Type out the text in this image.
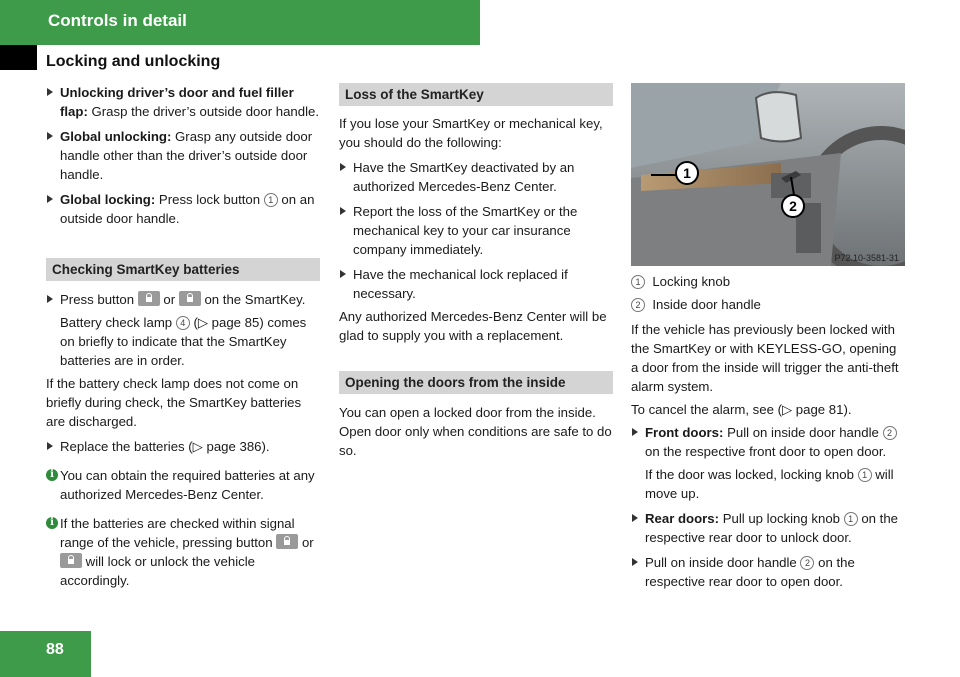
Controls in detail
Locking and unlocking
Unlocking driver’s door and fuel filler flap: Grasp the driver’s outside door handle.
Global unlocking: Grasp any outside door handle other than the driver’s outside door handle.
Global locking: Press lock button 1 on an outside door handle.
Checking SmartKey batteries
Press button or on the SmartKey.
Battery check lamp 4 (▷ page 85) comes on briefly to indicate that the SmartKey batteries are in order.
If the battery check lamp does not come on briefly during check, the SmartKey batteries are discharged.
Replace the batteries (▷ page 386).
i You can obtain the required batteries at any authorized Mercedes-Benz Center.
i If the batteries are checked within signal range of the vehicle, pressing button or  will lock or unlock the vehicle accordingly.
Loss of the SmartKey
If you lose your SmartKey or mechanical key, you should do the following:
Have the SmartKey deactivated by an authorized Mercedes-Benz Center.
Report the loss of the SmartKey or the mechanical key to your car insurance company immediately.
Have the mechanical lock replaced if necessary.
Any authorized Mercedes-Benz Center will be glad to supply you with a replacement.
Opening the doors from the inside
You can open a locked door from the inside. Open door only when conditions are safe to do so.
1
2
P72.10-3581-31
1 Locking knob
2 Inside door handle
If the vehicle has previously been locked with the SmartKey or with KEYLESS-GO, opening a door from the inside will trigger the anti-theft alarm system.
To cancel the alarm, see (▷ page 81).
Front doors: Pull on inside door handle 2 on the respective front door to open door.
If the door was locked, locking knob 1 will move up.
Rear doors: Pull up locking knob 1 on the respective rear door to unlock door.
Pull on inside door handle 2 on the respective rear door to open door.
88
